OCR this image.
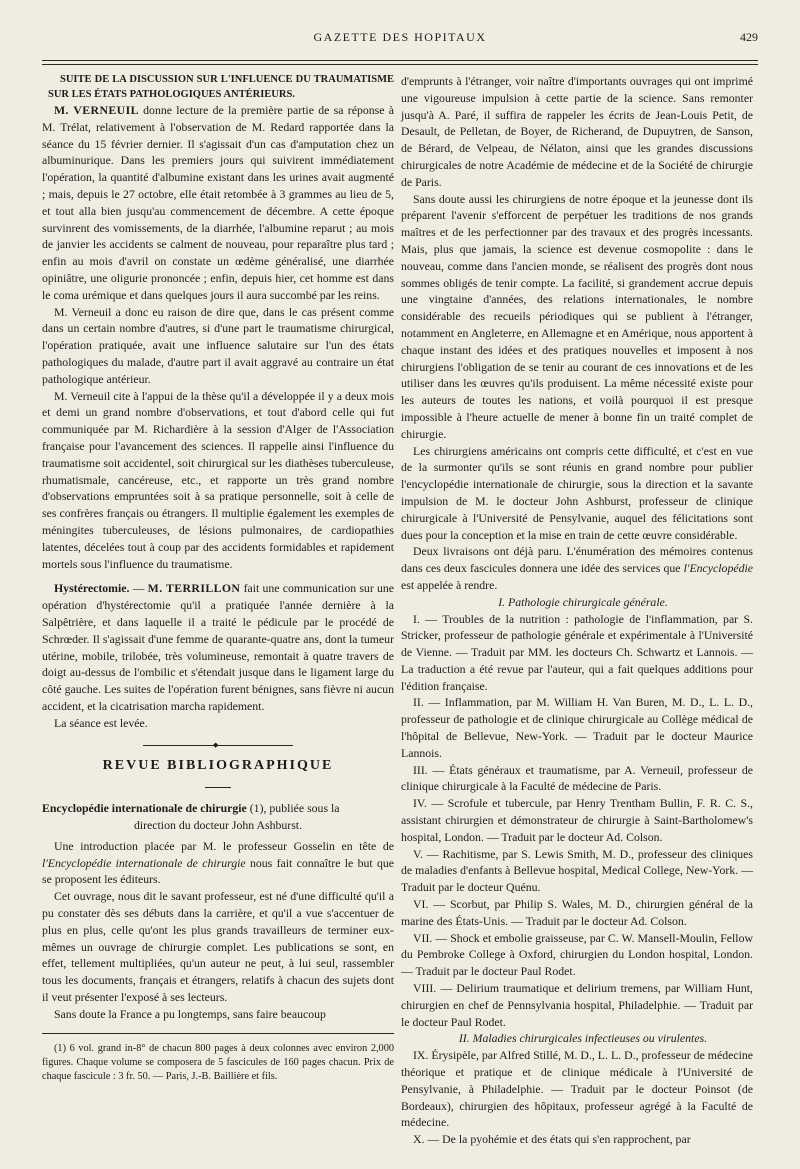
GAZETTE DES HOPITAUX	429

SUITE DE LA DISCUSSION SUR L'INFLUENCE DU TRAUMATISME SUR LES ÉTATS PATHOLOGIQUES ANTÉRIEURS.

M. VERNEUIL donne lecture de la première partie de sa réponse à M. Trélat, relativement à l'observation de M. Redard rapportée dans la séance du 15 février dernier. Il s'agissait d'un cas d'amputation chez un albuminurique. Dans les premiers jours qui suivirent immédiatement l'opération, la quantité d'albumine existant dans les urines avait augmenté ; mais, depuis le 27 octobre, elle était retombée à 3 grammes au lieu de 5, et tout alla bien jusqu'au commencement de décembre. A cette époque survinrent des vomissements, de la diarrhée, l'albumine reparut ; au mois de janvier les accidents se calment de nouveau, pour reparaître plus tard ; enfin au mois d'avril on constate un œdème généralisé, une diarrhée opiniâtre, une oligurie prononcée ; enfin, depuis hier, cet homme est dans le coma urémique et dans quelques jours il aura succombé par les reins.

M. Verneuil a donc eu raison de dire que, dans le cas présent comme dans un certain nombre d'autres, si d'une part le traumatisme chirurgical, l'opération pratiquée, avait une influence salutaire sur l'un des états pathologiques du malade, d'autre part il avait aggravé au contraire un état pathologique antérieur.

M. Verneuil cite à l'appui de la thèse qu'il a développée il y a deux mois et demi un grand nombre d'observations, et tout d'abord celle qui fut communiquée par M. Richardière à la session d'Alger de l'Association française pour l'avancement des sciences. Il rappelle ainsi l'influence du traumatisme soit accidentel, soit chirurgical sur les diathèses tuberculeuse, rhumatismale, cancéreuse, etc., et rapporte un très grand nombre d'observations empruntées soit à sa pratique personnelle, soit à celle de ses confrères français ou étrangers. Il multiplie également les exemples de méningites tuberculeuses, de lésions pulmonaires, de cardiopathies latentes, décelées tout à coup par des accidents formidables et rapidement mortels sous l'influence du traumatisme.

Hystérectomie. — M. TERRILLON fait une communication sur une opération d'hystérectomie qu'il a pratiquée l'année dernière à la Salpêtrière, et dans laquelle il a traité le pédicule par le procédé de Schrœder. Il s'agissait d'une femme de quarante-quatre ans, dont la tumeur utérine, mobile, trilobée, très volumineuse, remontait à quatre travers de doigt au-dessus de l'ombilic et s'étendait jusque dans le ligament large du côté gauche. Les suites de l'opération furent bénignes, sans fièvre ni aucun accident, et la cicatrisation marcha rapidement.

La séance est levée.

◆
REVUE BIBLIOGRAPHIQUE

Encyclopédie internationale de chirurgie (1), publiée sous la

direction du docteur John Ashburst.

Une introduction placée par M. le professeur Gosselin en tête de l'Encyclopédie internationale de chirurgie nous fait connaître le but que se proposent les éditeurs.

Cet ouvrage, nous dit le savant professeur, est né d'une difficulté qu'il a pu constater dès ses débuts dans la carrière, et qu'il a vue s'accentuer de plus en plus, celle qu'ont les plus grands travailleurs de terminer eux-mêmes un ouvrage de chirurgie complet. Les publications se sont, en effet, tellement multipliées, qu'un auteur ne peut, à lui seul, rassembler tous les documents, français et étrangers, relatifs à chacun des sujets dont il veut présenter l'exposé à ses lecteurs.

Sans doute la France a pu longtemps, sans faire beaucoup

(1) 6 vol. grand in-8° de chacun 800 pages à deux colonnes avec environ 2,000 figures. Chaque volume se composera de 5 fascicules de 160 pages chacun. Prix de chaque fascicule : 3 fr. 50. — Paris, J.-B. Baillière et fils.

d'emprunts à l'étranger, voir naître d'importants ouvrages qui ont imprimé une vigoureuse impulsion à cette partie de la science. Sans remonter jusqu'à A. Paré, il suffira de rappeler les écrits de Jean-Louis Petit, de Desault, de Pelletan, de Boyer, de Richerand, de Dupuytren, de Sanson, de Bérard, de Velpeau, de Nélaton, ainsi que les grandes discussions chirurgicales de notre Académie de médecine et de la Société de chirurgie de Paris.

Sans doute aussi les chirurgiens de notre époque et la jeunesse dont ils préparent l'avenir s'efforcent de perpétuer les traditions de nos grands maîtres et de les perfectionner par des travaux et des progrès incessants. Mais, plus que jamais, la science est devenue cosmopolite : dans le nouveau, comme dans l'ancien monde, se réalisent des progrès dont nous sommes obligés de tenir compte. La facilité, si grandement accrue depuis une vingtaine d'années, des relations internationales, le nombre considérable des recueils périodiques qui se publient à l'étranger, notamment en Angleterre, en Allemagne et en Amérique, nous apportent à chaque instant des idées et des pratiques nouvelles et imposent à nos chirurgiens l'obligation de se tenir au courant de ces innovations et de les utiliser dans les œuvres qu'ils produisent. La même nécessité existe pour les auteurs de toutes les nations, et voilà pourquoi il est presque impossible à l'heure actuelle de mener à bonne fin un traité complet de chirurgie.

Les chirurgiens américains ont compris cette difficulté, et c'est en vue de la surmonter qu'ils se sont réunis en grand nombre pour publier l'encyclopédie internationale de chirurgie, sous la direction et la savante impulsion de M. le docteur John Ashburst, professeur de clinique chirurgicale à l'Université de Pensylvanie, auquel des félicitations sont dues pour la conception et la mise en train de cette œuvre considérable.

Deux livraisons ont déjà paru. L'énumération des mémoires contenus dans ces deux fascicules donnera une idée des services que l'Encyclopédie est appelée à rendre.

I. Pathologie chirurgicale générale.

I. — Troubles de la nutrition : pathologie de l'inflammation, par S. Stricker, professeur de pathologie générale et expérimentale à l'Université de Vienne. — Traduit par MM. les docteurs Ch. Schwartz et Lannois. — La traduction a été revue par l'auteur, qui a fait quelques additions pour l'édition française.

II. — Inflammation, par M. William H. Van Buren, M. D., L. L. D., professeur de pathologie et de clinique chirurgicale au Collège médical de l'hôpital de Bellevue, New-York. — Traduit par le docteur Maurice Lannois.

III. — États généraux et traumatisme, par A. Verneuil, professeur de clinique chirurgicale à la Faculté de médecine de Paris.

IV. — Scrofule et tubercule, par Henry Trentham Bullin, F. R. C. S., assistant chirurgien et démonstrateur de chirurgie à Saint-Bartholomew's hospital, London. — Traduit par le docteur Ad. Colson.

V. — Rachitisme, par S. Lewis Smith, M. D., professeur des cliniques de maladies d'enfants à Bellevue hospital, Medical College, New-York. — Traduit par le docteur Quénu.

VI. — Scorbut, par Philip S. Wales, M. D., chirurgien général de la marine des États-Unis. — Traduit par le docteur Ad. Colson.

VII. — Shock et embolie graisseuse, par C. W. Mansell-Moulin, Fellow du Pembroke College à Oxford, chirurgien du London hospital, London. — Traduit par le docteur Paul Rodet.

VIII. — Delirium traumatique et delirium tremens, par William Hunt, chirurgien en chef de Pennsylvania hospital, Philadelphie. — Traduit par le docteur Paul Rodet.

II. Maladies chirurgicales infectieuses ou virulentes.

IX. Érysipèle, par Alfred Stillé, M. D., L. L. D., professeur de médecine théorique et pratique et de clinique médicale à l'Université de Pensylvanie, à Philadelphie. — Traduit par le docteur Poinsot (de Bordeaux), chirurgien des hôpitaux, professeur agrégé à la Faculté de médecine.

X. — De la pyohémie et des états qui s'en rapprochent, par
